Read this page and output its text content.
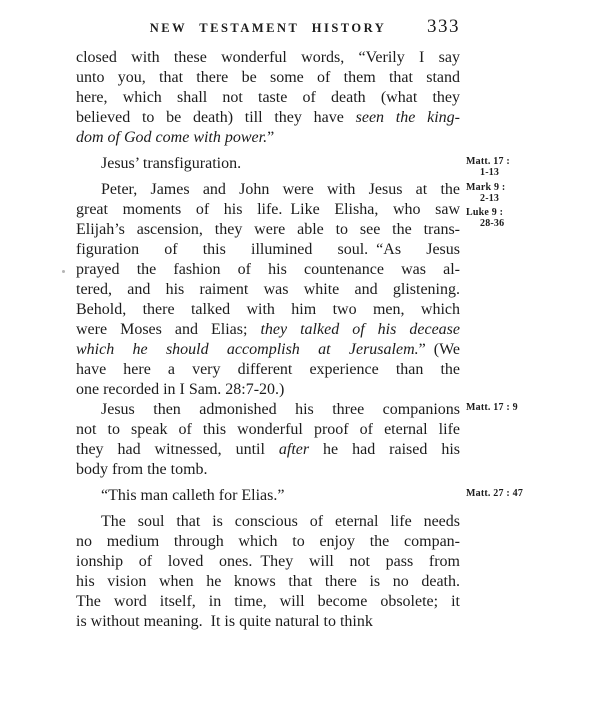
NEW TESTAMENT HISTORY	333
closed with these wonderful words, “Verily I say
unto you, that there be some of them that stand
here, which shall not taste of death (what they
believed to be death) till they have seen the king-
dom of God come with power.”
Jesus’ transfiguration.	Matt. 17 :
1-13
Peter, James and John were with Jesus at the
great moments of his life. Like Elisha, who saw
Elijah’s ascension, they were able to see the trans-
figuration of this illumined soul. “As Jesus
prayed the fashion of his countenance was al-
tered, and his raiment was white and glistening.
Behold, there talked with him two men, which
were Moses and Elias; they talked of his decease
which he should accomplish at Jerusalem.” (We
have here a very different experience than the
one recorded in I Sam. 28:7-20.)
Mark 9 :
2-13
Luke 9 :
28-36
Jesus then admonished his three companions
not to speak of this wonderful proof of eternal life
they had witnessed, until after he had raised his
body from the tomb.
Matt. 17 : 9
“This man calleth for Elias.”	Matt. 27 : 47
The soul that is conscious of eternal life needs
no medium through which to enjoy the compan-
ionship of loved ones. They will not pass from
his vision when he knows that there is no death.
The word itself, in time, will become obsolete; it
is without meaning. It is quite natural to think
